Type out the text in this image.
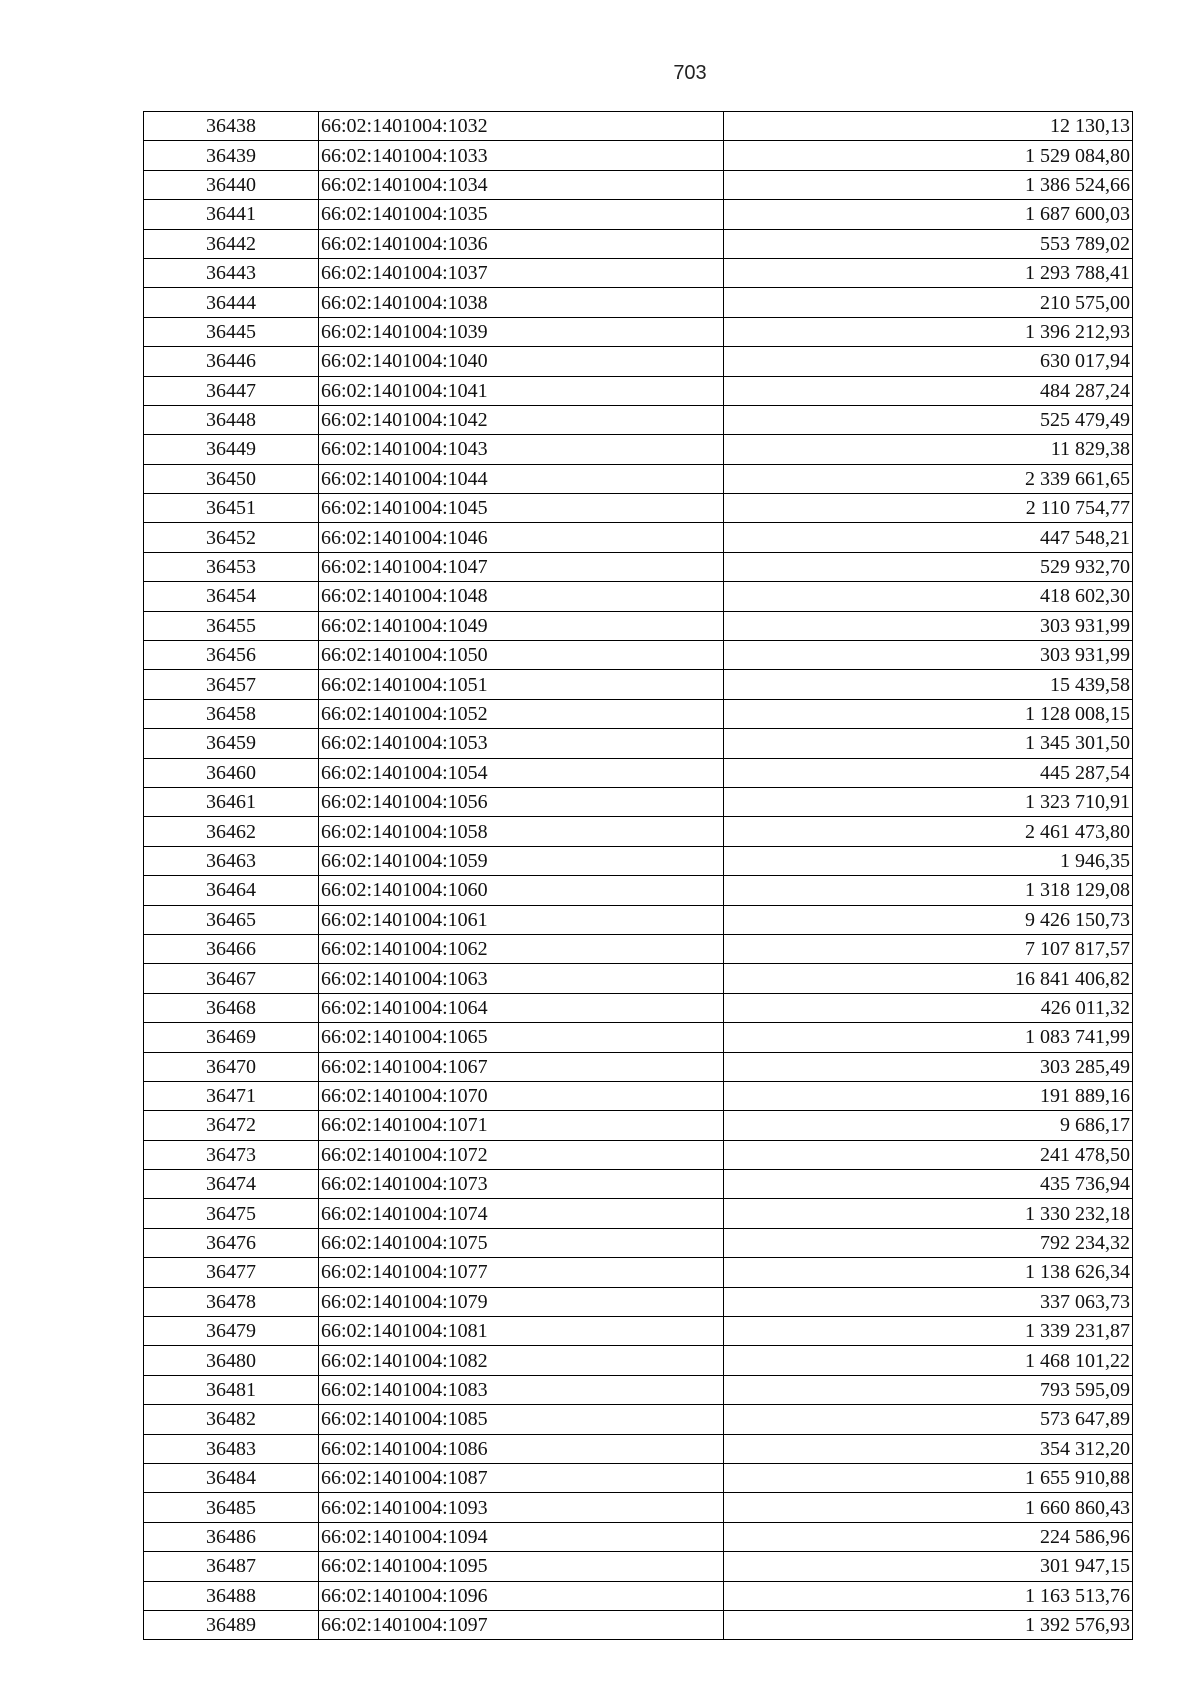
703
36438	66:02:1401004:1032	12 130,13
36439	66:02:1401004:1033	1 529 084,80
36440	66:02:1401004:1034	1 386 524,66
36441	66:02:1401004:1035	1 687 600,03
36442	66:02:1401004:1036	553 789,02
36443	66:02:1401004:1037	1 293 788,41
36444	66:02:1401004:1038	210 575,00
36445	66:02:1401004:1039	1 396 212,93
36446	66:02:1401004:1040	630 017,94
36447	66:02:1401004:1041	484 287,24
36448	66:02:1401004:1042	525 479,49
36449	66:02:1401004:1043	11 829,38
36450	66:02:1401004:1044	2 339 661,65
36451	66:02:1401004:1045	2 110 754,77
36452	66:02:1401004:1046	447 548,21
36453	66:02:1401004:1047	529 932,70
36454	66:02:1401004:1048	418 602,30
36455	66:02:1401004:1049	303 931,99
36456	66:02:1401004:1050	303 931,99
36457	66:02:1401004:1051	15 439,58
36458	66:02:1401004:1052	1 128 008,15
36459	66:02:1401004:1053	1 345 301,50
36460	66:02:1401004:1054	445 287,54
36461	66:02:1401004:1056	1 323 710,91
36462	66:02:1401004:1058	2 461 473,80
36463	66:02:1401004:1059	1 946,35
36464	66:02:1401004:1060	1 318 129,08
36465	66:02:1401004:1061	9 426 150,73
36466	66:02:1401004:1062	7 107 817,57
36467	66:02:1401004:1063	16 841 406,82
36468	66:02:1401004:1064	426 011,32
36469	66:02:1401004:1065	1 083 741,99
36470	66:02:1401004:1067	303 285,49
36471	66:02:1401004:1070	191 889,16
36472	66:02:1401004:1071	9 686,17
36473	66:02:1401004:1072	241 478,50
36474	66:02:1401004:1073	435 736,94
36475	66:02:1401004:1074	1 330 232,18
36476	66:02:1401004:1075	792 234,32
36477	66:02:1401004:1077	1 138 626,34
36478	66:02:1401004:1079	337 063,73
36479	66:02:1401004:1081	1 339 231,87
36480	66:02:1401004:1082	1 468 101,22
36481	66:02:1401004:1083	793 595,09
36482	66:02:1401004:1085	573 647,89
36483	66:02:1401004:1086	354 312,20
36484	66:02:1401004:1087	1 655 910,88
36485	66:02:1401004:1093	1 660 860,43
36486	66:02:1401004:1094	224 586,96
36487	66:02:1401004:1095	301 947,15
36488	66:02:1401004:1096	1 163 513,76
36489	66:02:1401004:1097	1 392 576,93
